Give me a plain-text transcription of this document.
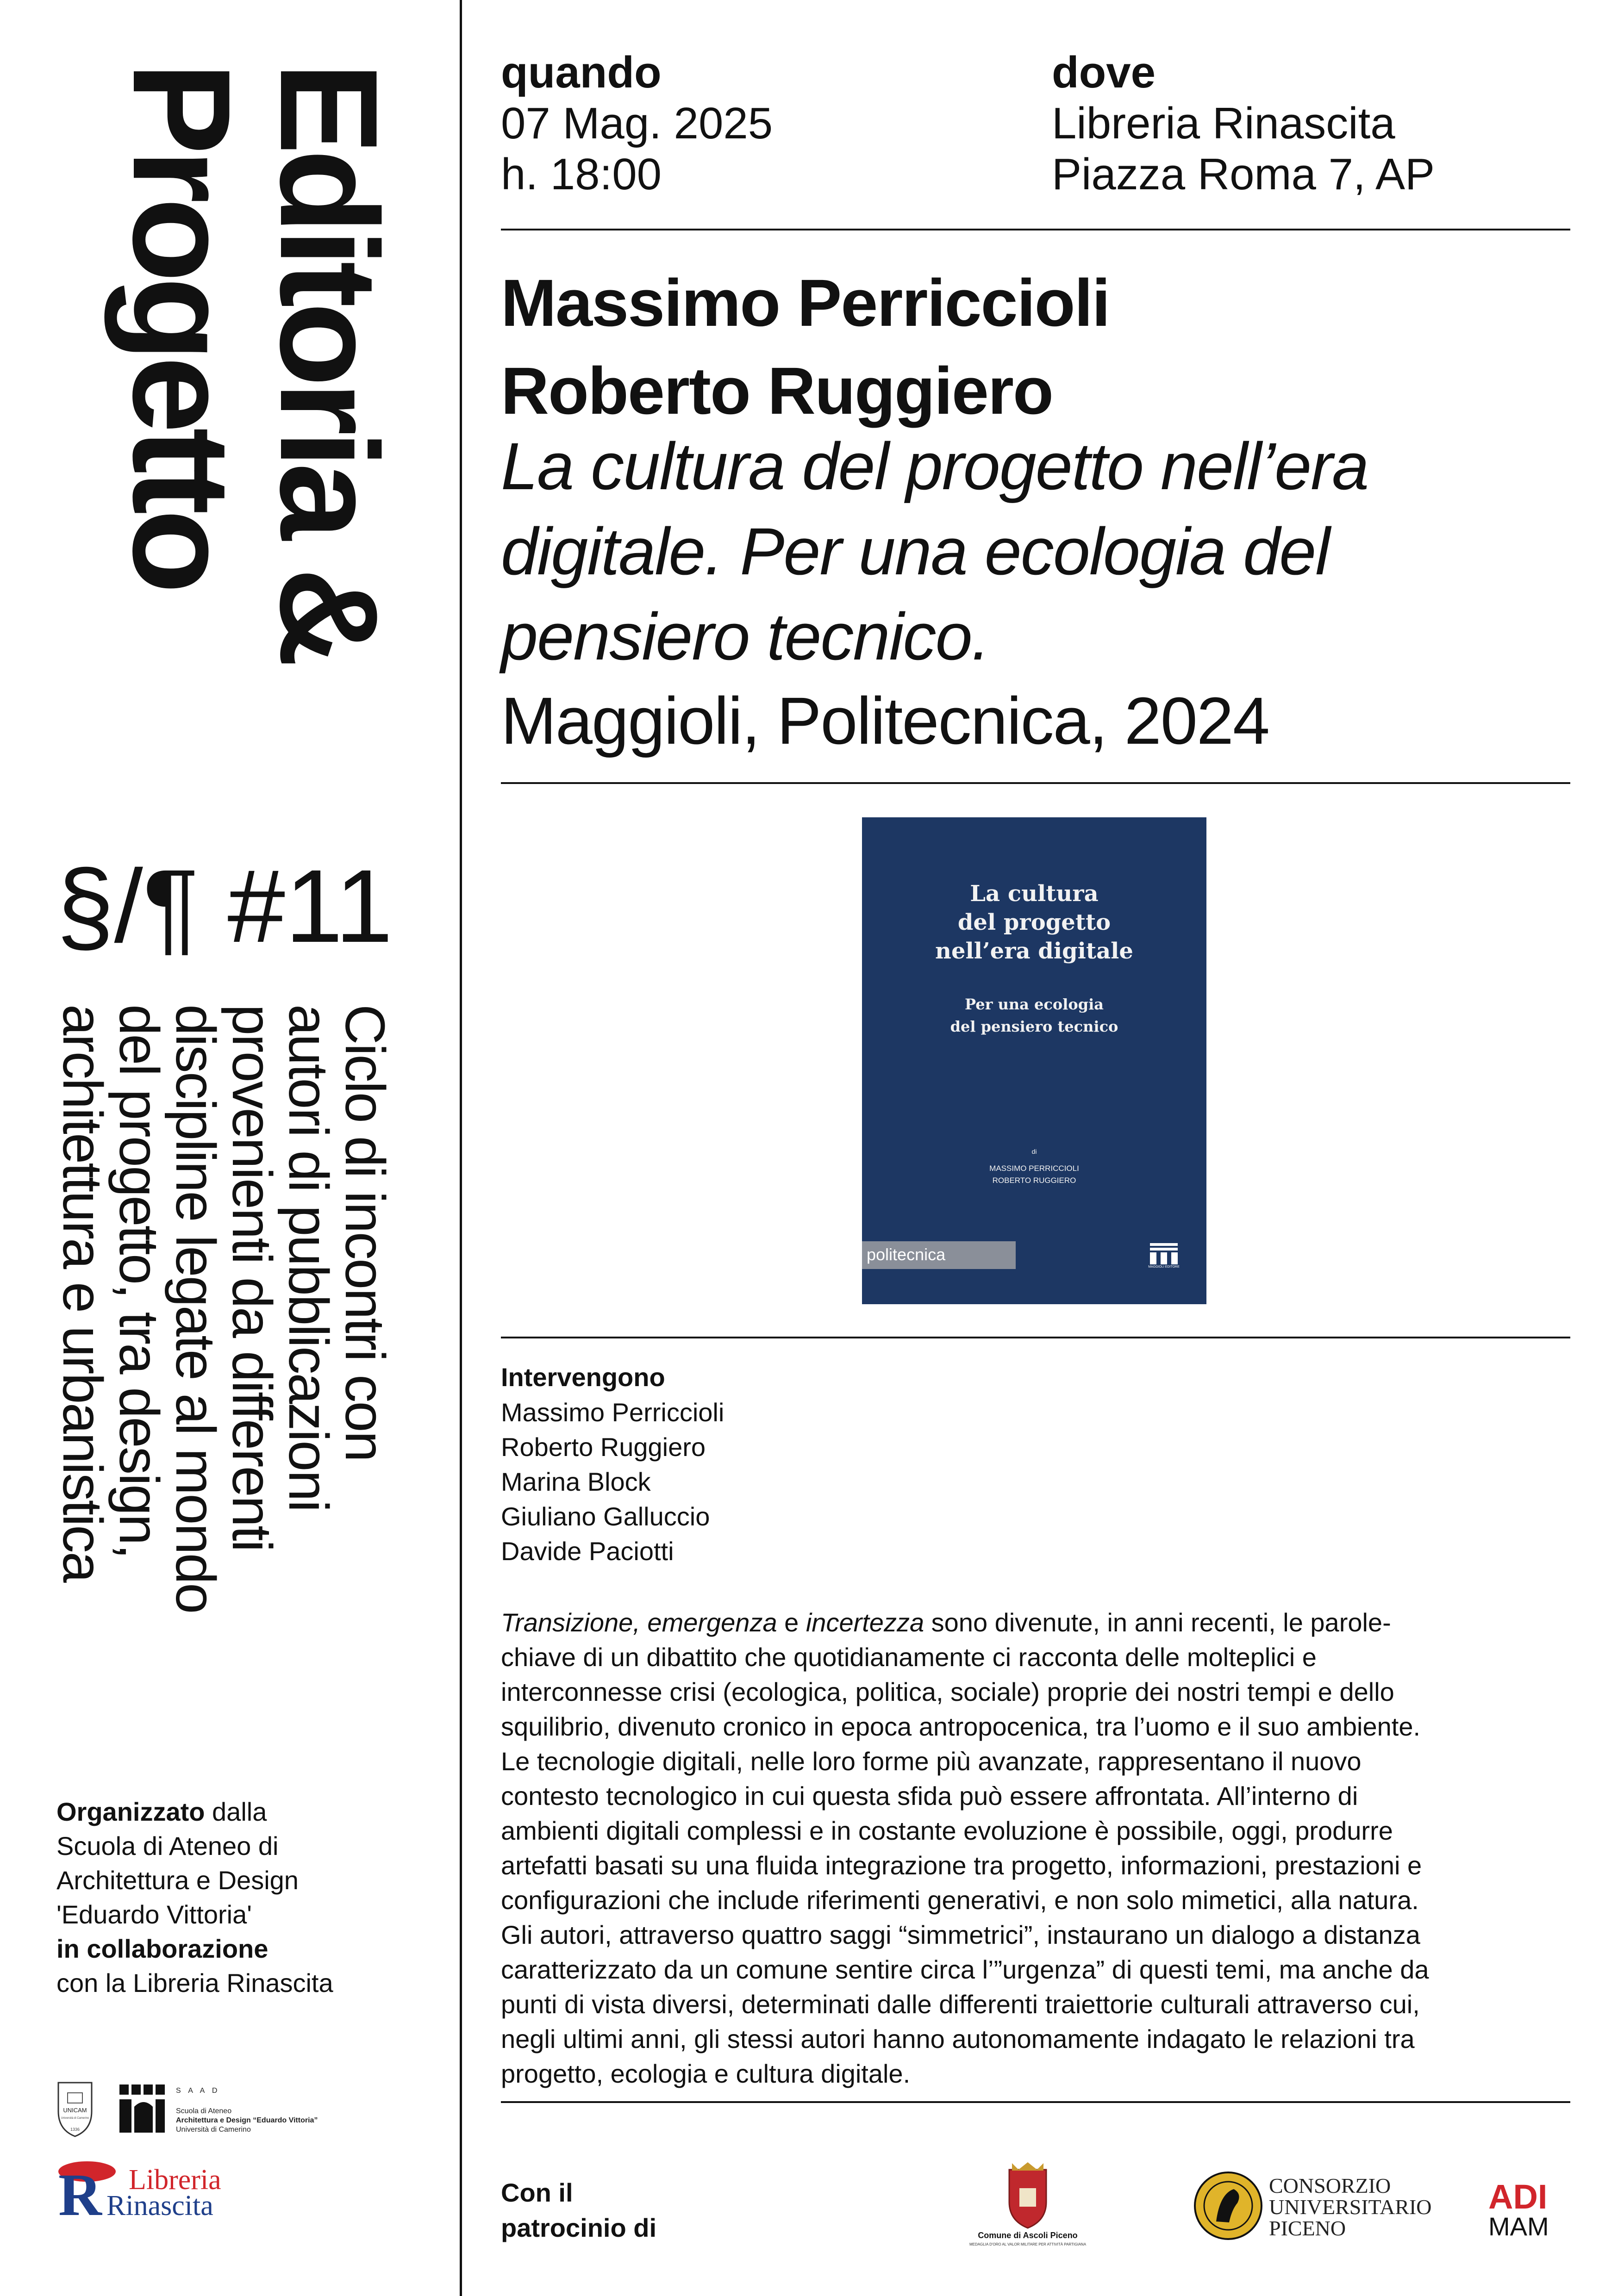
Editoria &
Progetto
§/¶ #11
Ciclo di incontri con
autori di pubblicazioni
provenienti da differenti
discipline legate al mondo
del progetto, tra design,
architettura e urbanistica
Organizzato dalla
Scuola di Ateneo di
Architettura e Design
'Eduardo Vittoria'
in collaborazione
con la Libreria Rinascita
UNICAM
Università di Camerino
1336
S A A D
Scuola di Ateneo
Architettura e Design “Eduardo Vittoria”
Università di Camerino
R Libreria
Rinascita
quando
07 Mag. 2025
h. 18:00
dove
Libreria Rinascita
Piazza Roma 7, AP
Massimo Perriccioli
Roberto Ruggiero
La cultura del progetto nell’era
digitale. Per una ecologia del
pensiero tecnico.
Maggioli, Politecnica, 2024
La cultura
del progetto
nell’era digitale
Per una ecologia
del pensiero tecnico
di
MASSIMO PERRICCIOLI
ROBERTO RUGGIERO
politecnica
MAGGIOLI EDITORE
Intervengono
Massimo Perriccioli
Roberto Ruggiero
Marina Block
Giuliano Galluccio
Davide Paciotti
Transizione, emergenza e incertezza sono divenute, in anni recenti, le parole-
chiave di un dibattito che quotidianamente ci racconta delle molteplici e
interconnesse crisi (ecologica, politica, sociale) proprie dei nostri tempi e dello
squilibrio, divenuto cronico in epoca antropocenica, tra l’uomo e il suo ambiente.
Le tecnologie digitali, nelle loro forme più avanzate, rappresentano il nuovo
contesto tecnologico in cui questa sfida può essere affrontata. All’interno di
ambienti digitali complessi e in costante evoluzione è possibile, oggi, produrre
artefatti basati su una fluida integrazione tra progetto, informazioni, prestazioni e
configurazioni che include riferimenti generativi, e non solo mimetici, alla natura.
Gli autori, attraverso quattro saggi “simmetrici”, instaurano un dialogo a distanza
caratterizzato da un comune sentire circa l’”urgenza” di questi temi, ma anche da
punti di vista diversi, determinati dalle differenti traiettorie culturali attraverso cui,
negli ultimi anni, gli stessi autori hanno autonomamente indagato le relazioni tra
progetto, ecologia e cultura digitale.
Con il
patrocinio di	Comune di Ascoli Piceno
MEDAGLIA D'ORO AL VALOR MILITARE PER ATTIVITÀ PARTIGIANA
CONSORZIO
UNIVERSITARIO
PICENO
ADI
MAM
